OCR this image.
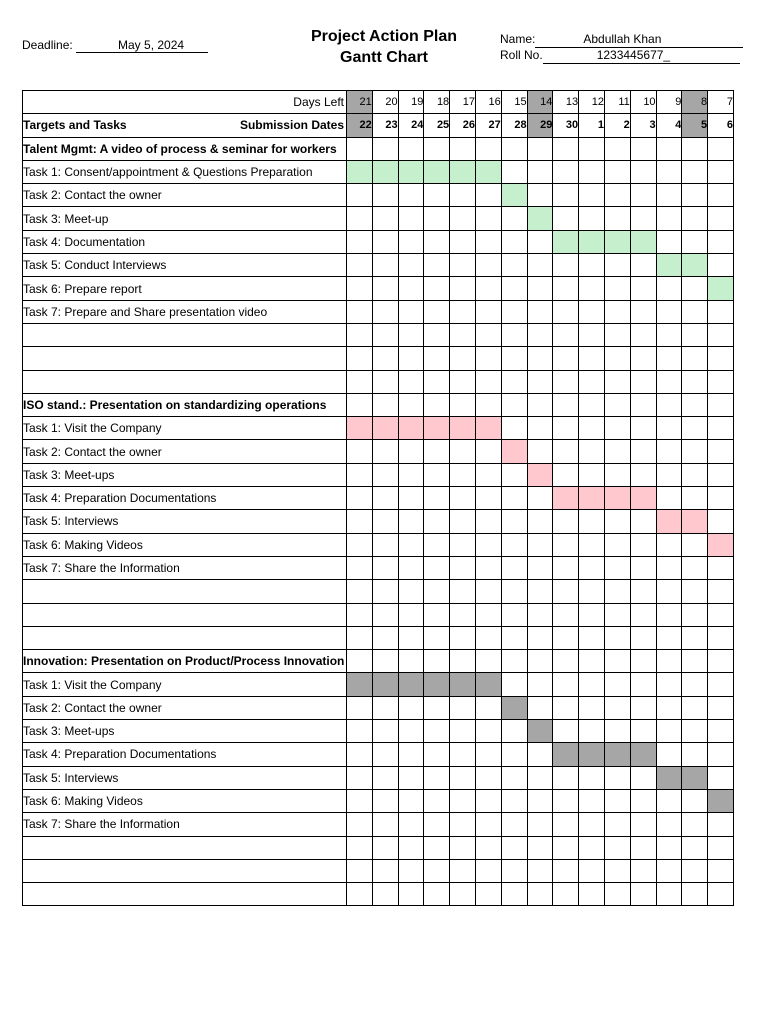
Deadline:	May 5, 2024	Project Action Plan
Gantt Chart
Name:	Abdullah Khan
Roll No.	1233445677_
Days Left	21	20	19	18	17	16	15	14	13	12	11	10	9	8	7

Targets and Tasks Submission Dates	22	23	24	25	26	27	28	29	30	1	2	3	4	5	6
Talent Mgmt: A video of process & seminar for workers															
Task 1: Consent/appointment & Questions Preparation															
Task 2: Contact the owner															
Task 3: Meet-up															
Task 4: Documentation															
Task 5: Conduct Interviews															
Task 6: Prepare report															
Task 7: Prepare and Share presentation video															

ISO stand.: Presentation on standardizing operations															
Task 1: Visit the Company															
Task 2: Contact the owner															
Task 3: Meet-ups															
Task 4: Preparation Documentations															
Task 5: Interviews															
Task 6: Making Videos															
Task 7: Share the Information															

Innovation: Presentation on Product/Process Innovation															
Task 1: Visit the Company															
Task 2: Contact the owner															
Task 3: Meet-ups															
Task 4: Preparation Documentations															
Task 5: Interviews															
Task 6: Making Videos															
Task 7: Share the Information															
